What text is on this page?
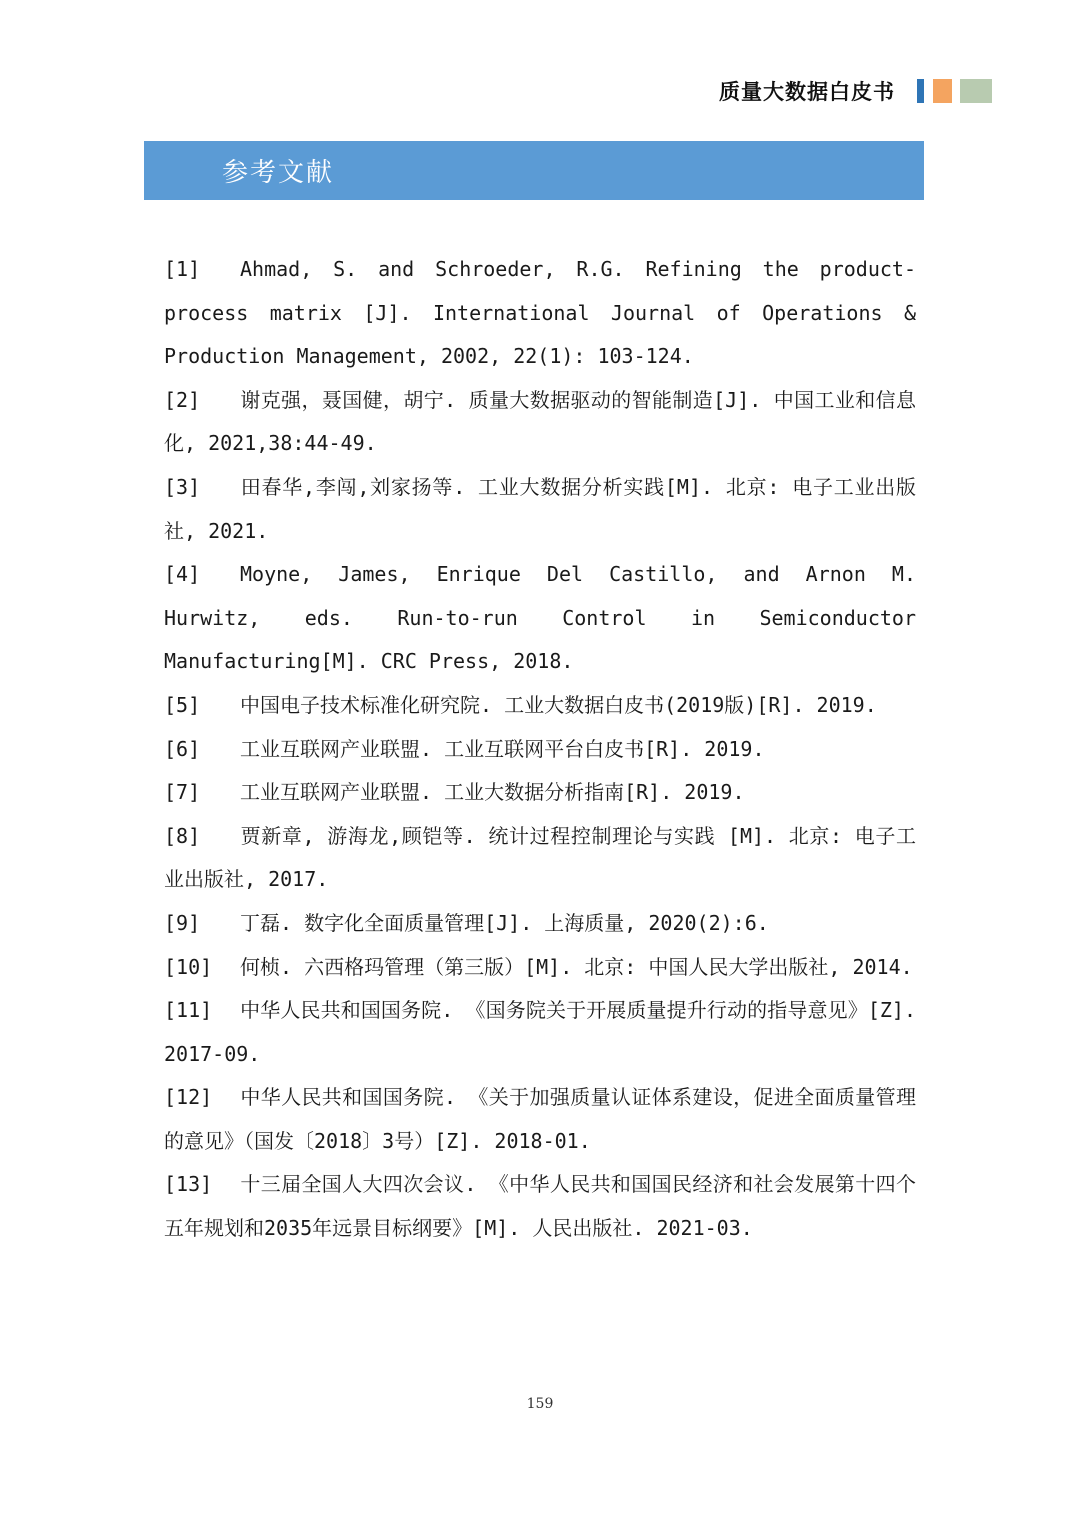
质量大数据白皮书
参考文献

[1] Ahmad, S. and Schroeder, R.G. Refining the product-process matrix [J]. International Journal of Operations & Production Management, 2002, 22(1): 103-124.

[2] 谢克强，聂国健，胡宁. 质量大数据驱动的智能制造[J]. 中国工业和信息化, 2021,38:44-49.

[3] 田春华,李闯,刘家扬等. 工业大数据分析实践[M]. 北京: 电子工业出版社, 2021.

[4] Moyne, James, Enrique Del Castillo, and Arnon M. Hurwitz, eds. Run-to-run Control in Semiconductor Manufacturing[M]. CRC Press, 2018.

[5] 中国电子技术标准化研究院. 工业大数据白皮书(2019版)[R]. 2019.

[6] 工业互联网产业联盟. 工业互联网平台白皮书[R]. 2019.

[7] 工业互联网产业联盟. 工业大数据分析指南[R]. 2019.

[8] 贾新章, 游海龙,顾铠等. 统计过程控制理论与实践 [M]. 北京: 电子工业出版社, 2017.

[9] 丁磊. 数字化全面质量管理[J]. 上海质量, 2020(2):6.

[10] 何桢. 六西格玛管理（第三版）[M]. 北京: 中国人民大学出版社, 2014.

[11] 中华人民共和国国务院. 《国务院关于开展质量提升行动的指导意见》[Z]. 2017-09.

[12] 中华人民共和国国务院. 《关于加强质量认证体系建设，促进全面质量管理的意见》（国发〔2018〕3号）[Z]. 2018-01.

[13] 十三届全国人大四次会议. 《中华人民共和国国民经济和社会发展第十四个五年规划和2035年远景目标纲要》[M]. 人民出版社. 2021-03.

159
